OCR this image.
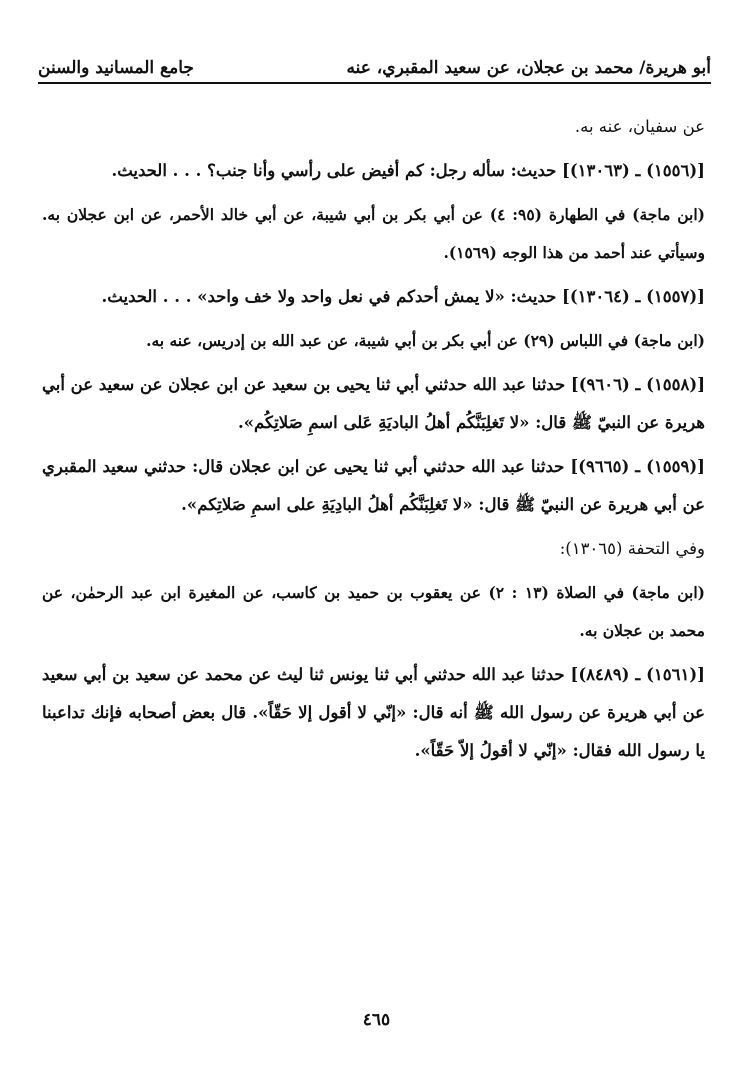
أبو هريرة/ محمد بن عجلان، عن سعيد المقبري، عنه
جامع المسانيد والسنن

عن سفيان، عنه به.

[(١٥٥٦) ـ (١٣٠٦٣)] حديث: سأله رجل: كم أفيض على رأسي وأنا جنب؟ . . . الحديث.

(ابن ماجة) في الطهارة (٩٥: ٤) عن أبي بكر بن أبي شيبة، عن أبي خالد الأحمر، عن ابن عجلان به. وسيأتي عند أحمد من هذا الوجه (١٥٦٩).

[(١٥٥٧) ـ (١٣٠٦٤)] حديث: «لا يمش أحدكم في نعل واحد ولا خف واحد» . . . الحديث.

(ابن ماجة) في اللباس (٢٩) عن أبي بكر بن أبي شيبة، عن عبد الله بن إدريس، عنه به.

[(١٥٥٨) ـ (٩٦٠٦)] حدثنا عبد الله حدثني أبي ثنا يحيى بن سعيد عن ابن عجلان عن سعيد عن أبي هريرة عن النبيّ ﷺ قال: «لا تَغلِبَنَّكُم أهلُ الباديَةِ عَلى اسمِ صَلاتِكُم».

[(١٥٥٩) ـ (٩٦٦٥)] حدثنا عبد الله حدثني أبي ثنا يحيى عن ابن عجلان قال: حدثني سعيد المقبري عن أبي هريرة عن النبيّ ﷺ قال: «لا تَغلِبَنَّكُم أهلُ البادِيَةِ على اسمِ صَلاتِكم».

وفي التحفة (١٣٠٦٥):

(ابن ماجة) في الصلاة (١٣ : ٢) عن يعقوب بن حميد بن كاسب، عن المغيرة ابن عبد الرحمٰن، عن محمد بن عجلان به.

[(١٥٦١) ـ (٨٤٨٩)] حدثنا عبد الله حدثني أبي ثنا يونس ثنا ليث عن محمد عن سعيد بن أبي سعيد عن أبي هريرة عن رسول الله ﷺ أنه قال: «إنّي لا أقول إلا حَقّاً». قال بعض أصحابه فإنك تداعبنا يا رسول الله فقال: «إنّي لا أقولُ إلاّ حَقّاً».

٤٦٥
